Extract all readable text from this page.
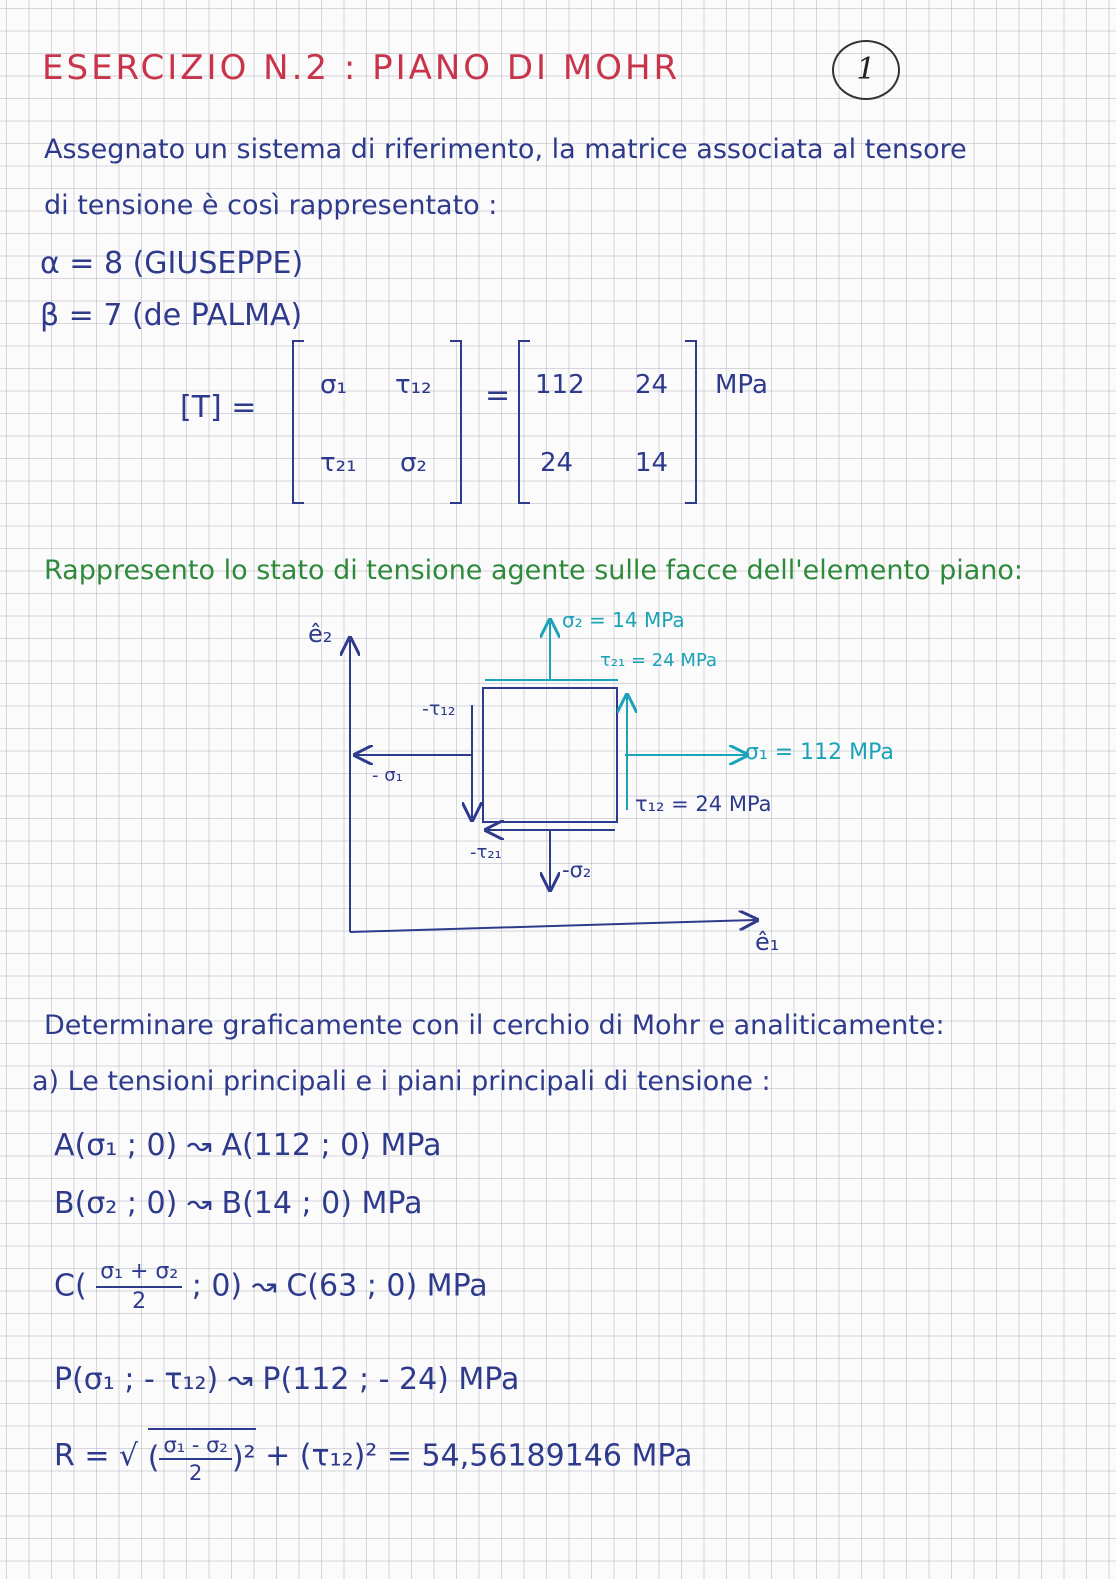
ESERCIZIO N.2 : PIANO DI MOHR	1
Assegnato un sistema di riferimento, la matrice associata al tensore
di tensione è così rappresentato :
α = 8 (GIUSEPPE)
β = 7 (de PALMA)
[T] =
σ₁ τ₁₂
τ₂₁ σ₂
= 112 24
24 14
MPa
Rappresento lo stato di tensione agente sulle facce dell'elemento piano:
ê₂
ê₁
σ₂ = 14 MPa
τ₂₁ = 24 MPa
-τ₁₂
σ₁ = 112 MPa
- σ₁
τ₁₂ = 24 MPa
-τ₂₁
-σ₂
Determinare graficamente con il cerchio di Mohr e analiticamente:
a) Le tensioni principali e i piani principali di tensione :
A(σ₁ ; 0) ↝ A(112 ; 0) MPa
B(σ₂ ; 0) ↝ B(14 ; 0) MPa
$C( \frac{\text{σ₁ + σ₂}}{2}$ ; 0) ↝ C(63 ; 0) MPa
P(σ₁ ; - τ₁₂) ↝ P(112 ; - 24) MPa
R = √ ( $\frac{\text{σ₁ - σ₂}}{2} )^2 + (\tau_{12})^2 = 54,56189146$ MPa
